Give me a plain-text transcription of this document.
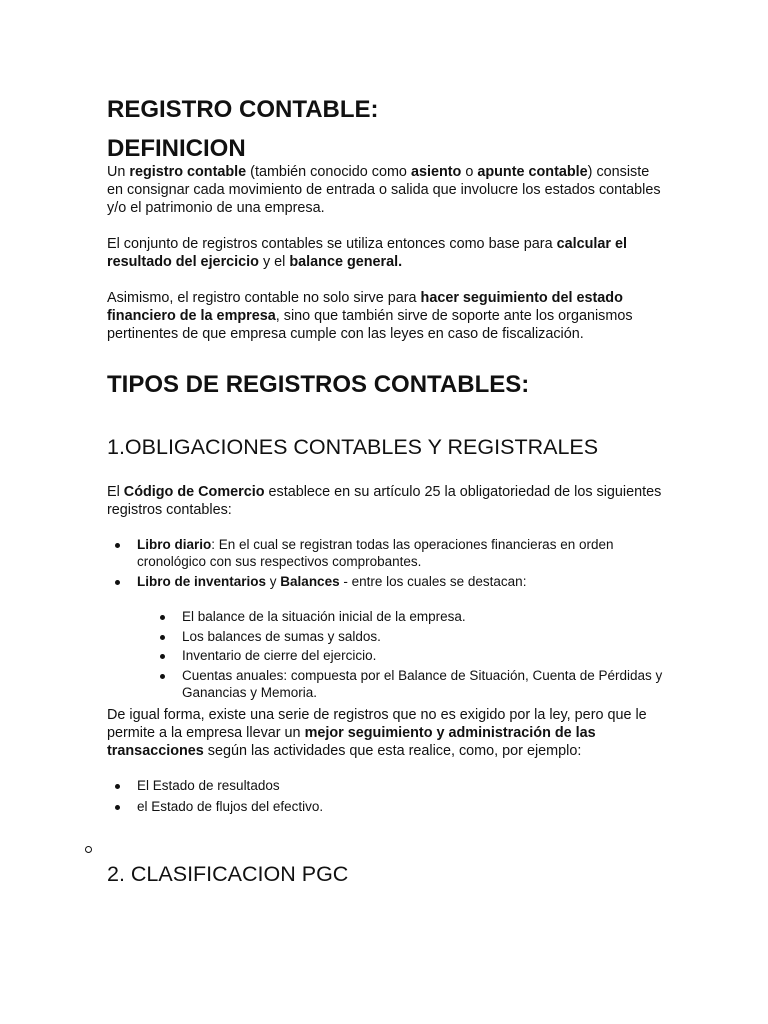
REGISTRO CONTABLE:
DEFINICION

Un registro contable (también conocido como asiento o apunte contable) consiste en consignar cada movimiento de entrada o salida que involucre los estados contables y/o el patrimonio de una empresa.

El conjunto de registros contables se utiliza entonces como base para calcular el resultado del ejercicio y el balance general.

Asimismo, el registro contable no solo sirve para hacer seguimiento del estado financiero de la empresa, sino que también sirve de soporte ante los organismos pertinentes de que empresa cumple con las leyes en caso de fiscalización.

TIPOS DE REGISTROS CONTABLES:
1.OBLIGACIONES CONTABLES Y REGISTRALES

El Código de Comercio establece en su artículo 25 la obligatoriedad de los siguientes registros contables:

Libro diario: En el cual se registran todas las operaciones financieras en orden cronológico con sus respectivos comprobantes.
Libro de inventarios y Balances - entre los cuales se destacan:
El balance de la situación inicial de la empresa.
Los balances de sumas y saldos.
Inventario de cierre del ejercicio.
Cuentas anuales: compuesta por el Balance de Situación, Cuenta de Pérdidas y Ganancias y Memoria.

De igual forma, existe una serie de registros que no es exigido por la ley, pero que le permite a la empresa llevar un mejor seguimiento y administración de las transacciones según las actividades que esta realice, como, por ejemplo:

El Estado de resultados
el Estado de flujos del efectivo.
2. CLASIFICACION PGC
